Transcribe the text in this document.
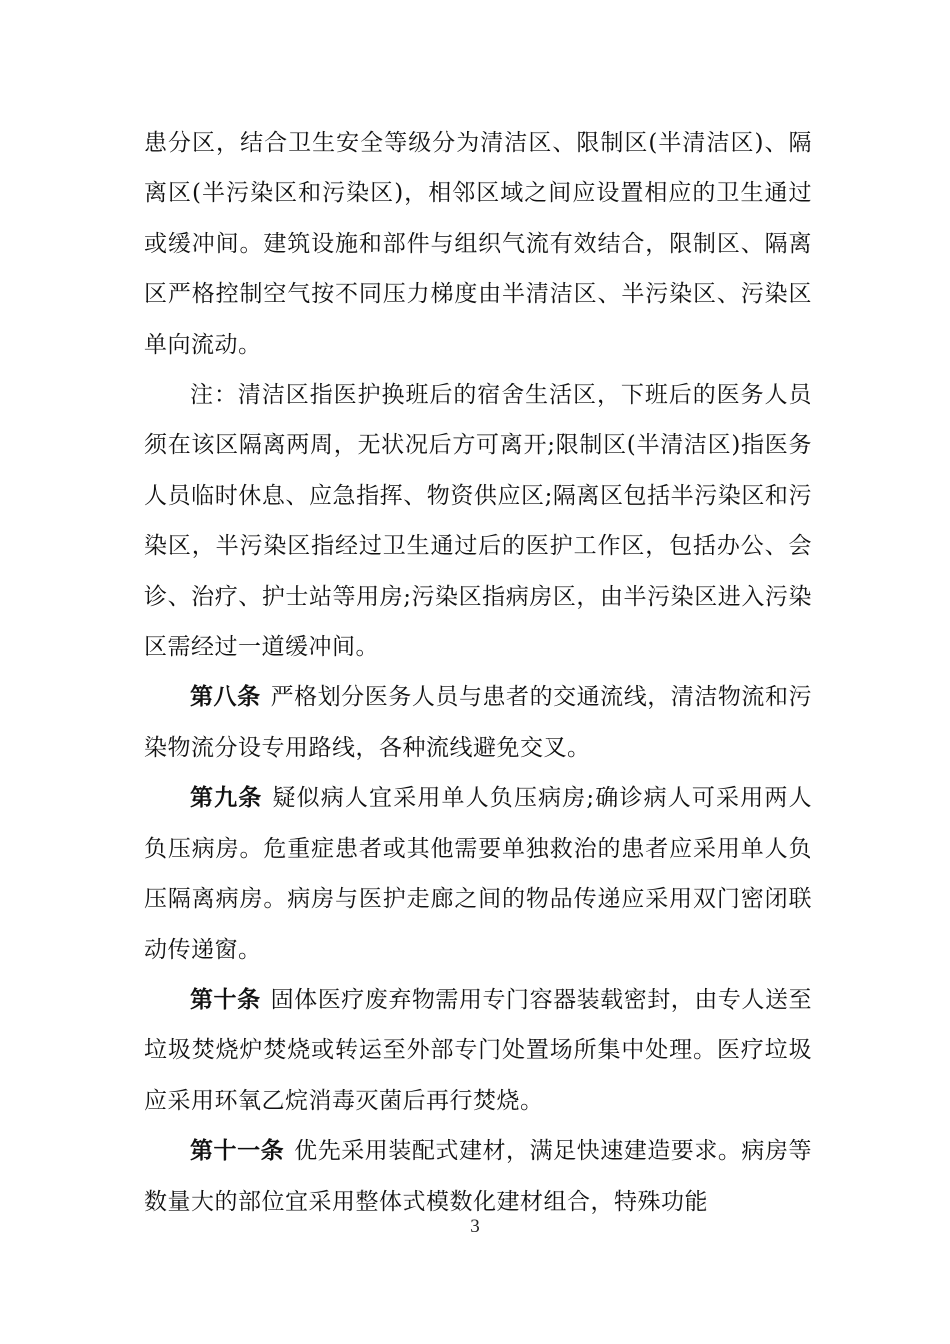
患分区，结合卫生安全等级分为清洁区、限制区(半清洁区)、隔离区(半污染区和污染区)，相邻区域之间应设置相应的卫生通过或缓冲间。建筑设施和部件与组织气流有效结合，限制区、隔离区严格控制空气按不同压力梯度由半清洁区、半污染区、污染区单向流动。

注：清洁区指医护换班后的宿舍生活区，下班后的医务人员须在该区隔离两周，无状况后方可离开;限制区(半清洁区)指医务人员临时休息、应急指挥、物资供应区;隔离区包括半污染区和污染区，半污染区指经过卫生通过后的医护工作区，包括办公、会诊、治疗、护士站等用房;污染区指病房区，由半污染区进入污染区需经过一道缓冲间。

第八条 严格划分医务人员与患者的交通流线，清洁物流和污染物流分设专用路线，各种流线避免交叉。

第九条 疑似病人宜采用单人负压病房;确诊病人可采用两人负压病房。危重症患者或其他需要单独救治的患者应采用单人负压隔离病房。病房与医护走廊之间的物品传递应采用双门密闭联动传递窗。

第十条 固体医疗废弃物需用专门容器装载密封，由专人送至垃圾焚烧炉焚烧或转运至外部专门处置场所集中处理。医疗垃圾应采用环氧乙烷消毒灭菌后再行焚烧。

第十一条 优先采用装配式建材，满足快速建造要求。病房等数量大的部位宜采用整体式模数化建材组合，特殊功能

3
